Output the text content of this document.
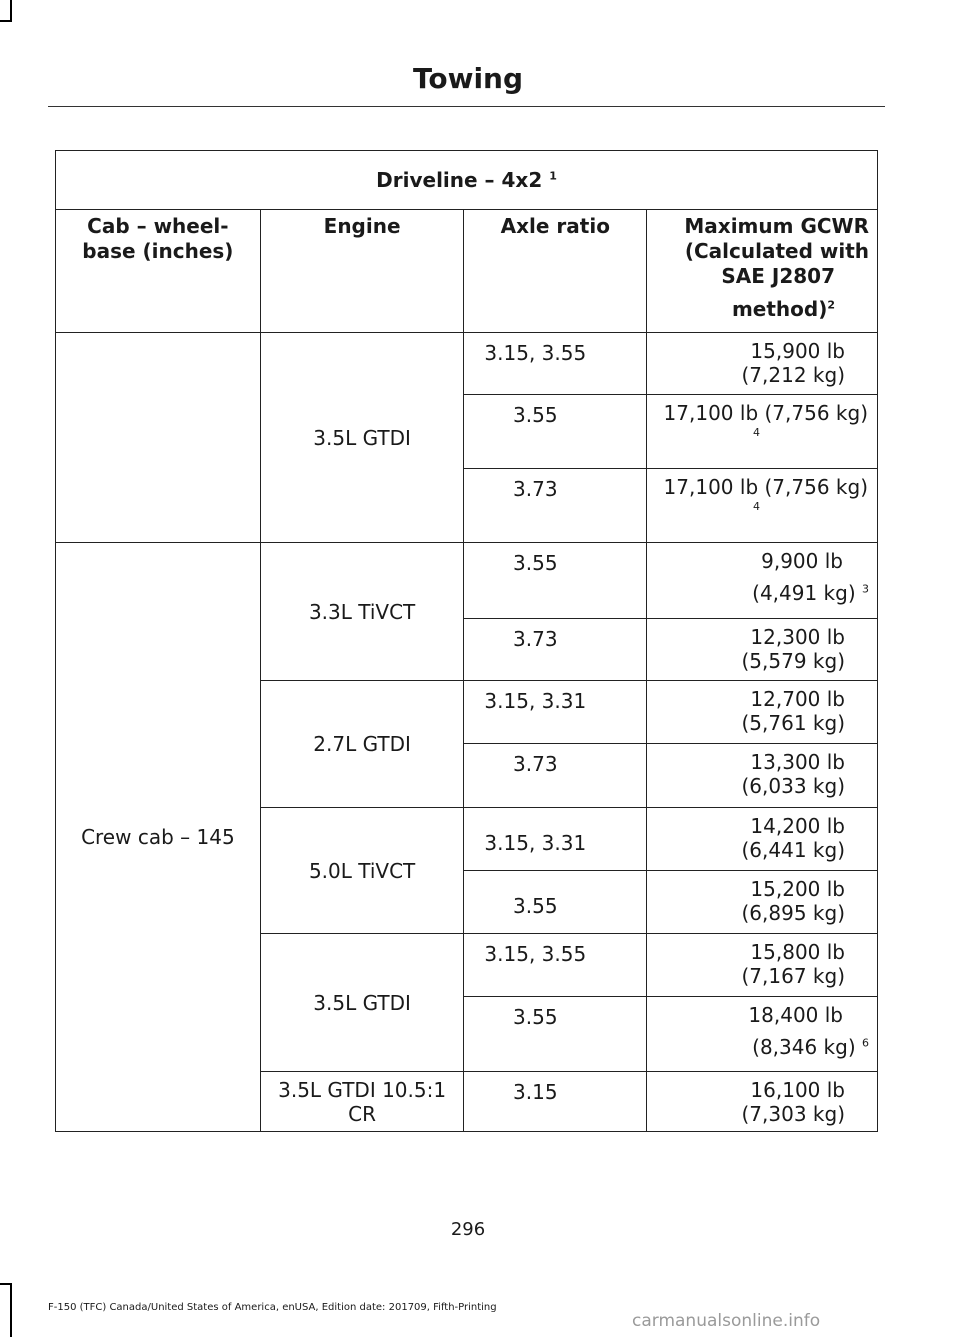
Towing
Driveline – 4x2 $^1$
Cab – wheel-
base (inches)	Engine	Axle ratio	Maximum GCWR
(Calculated with
SAE J2807
method)$^2$
	3.5L GTDI	3.15, 3.55	15,900 lb
(7,212 kg)
		3.55	17,100 lb (7,756 kg)
4

		3.73	17,100 lb (7,756 kg)
4

Crew cab – 145	3.3L TiVCT	3.55	9,900 lb
(4,491 kg) $^3$
		3.73	12,300 lb
(5,579 kg)
	2.7L GTDI	3.15, 3.31	12,700 lb
(5,761 kg)
		3.73	13,300 lb
(6,033 kg)
	5.0L TiVCT	3.15, 3.31	14,200 lb
(6,441 kg)
		3.55	15,200 lb
(6,895 kg)
	3.5L GTDI	3.15, 3.55	15,800 lb
(7,167 kg)
		3.55	18,400 lb
(8,346 kg) $^6$
	3.5L GTDI 10.5:1
CR	3.15	16,100 lb
(7,303 kg)
296
F-150 (TFC) Canada/United States of America, enUSA, Edition date: 201709, Fifth-Printing
carmanualsonline.info
